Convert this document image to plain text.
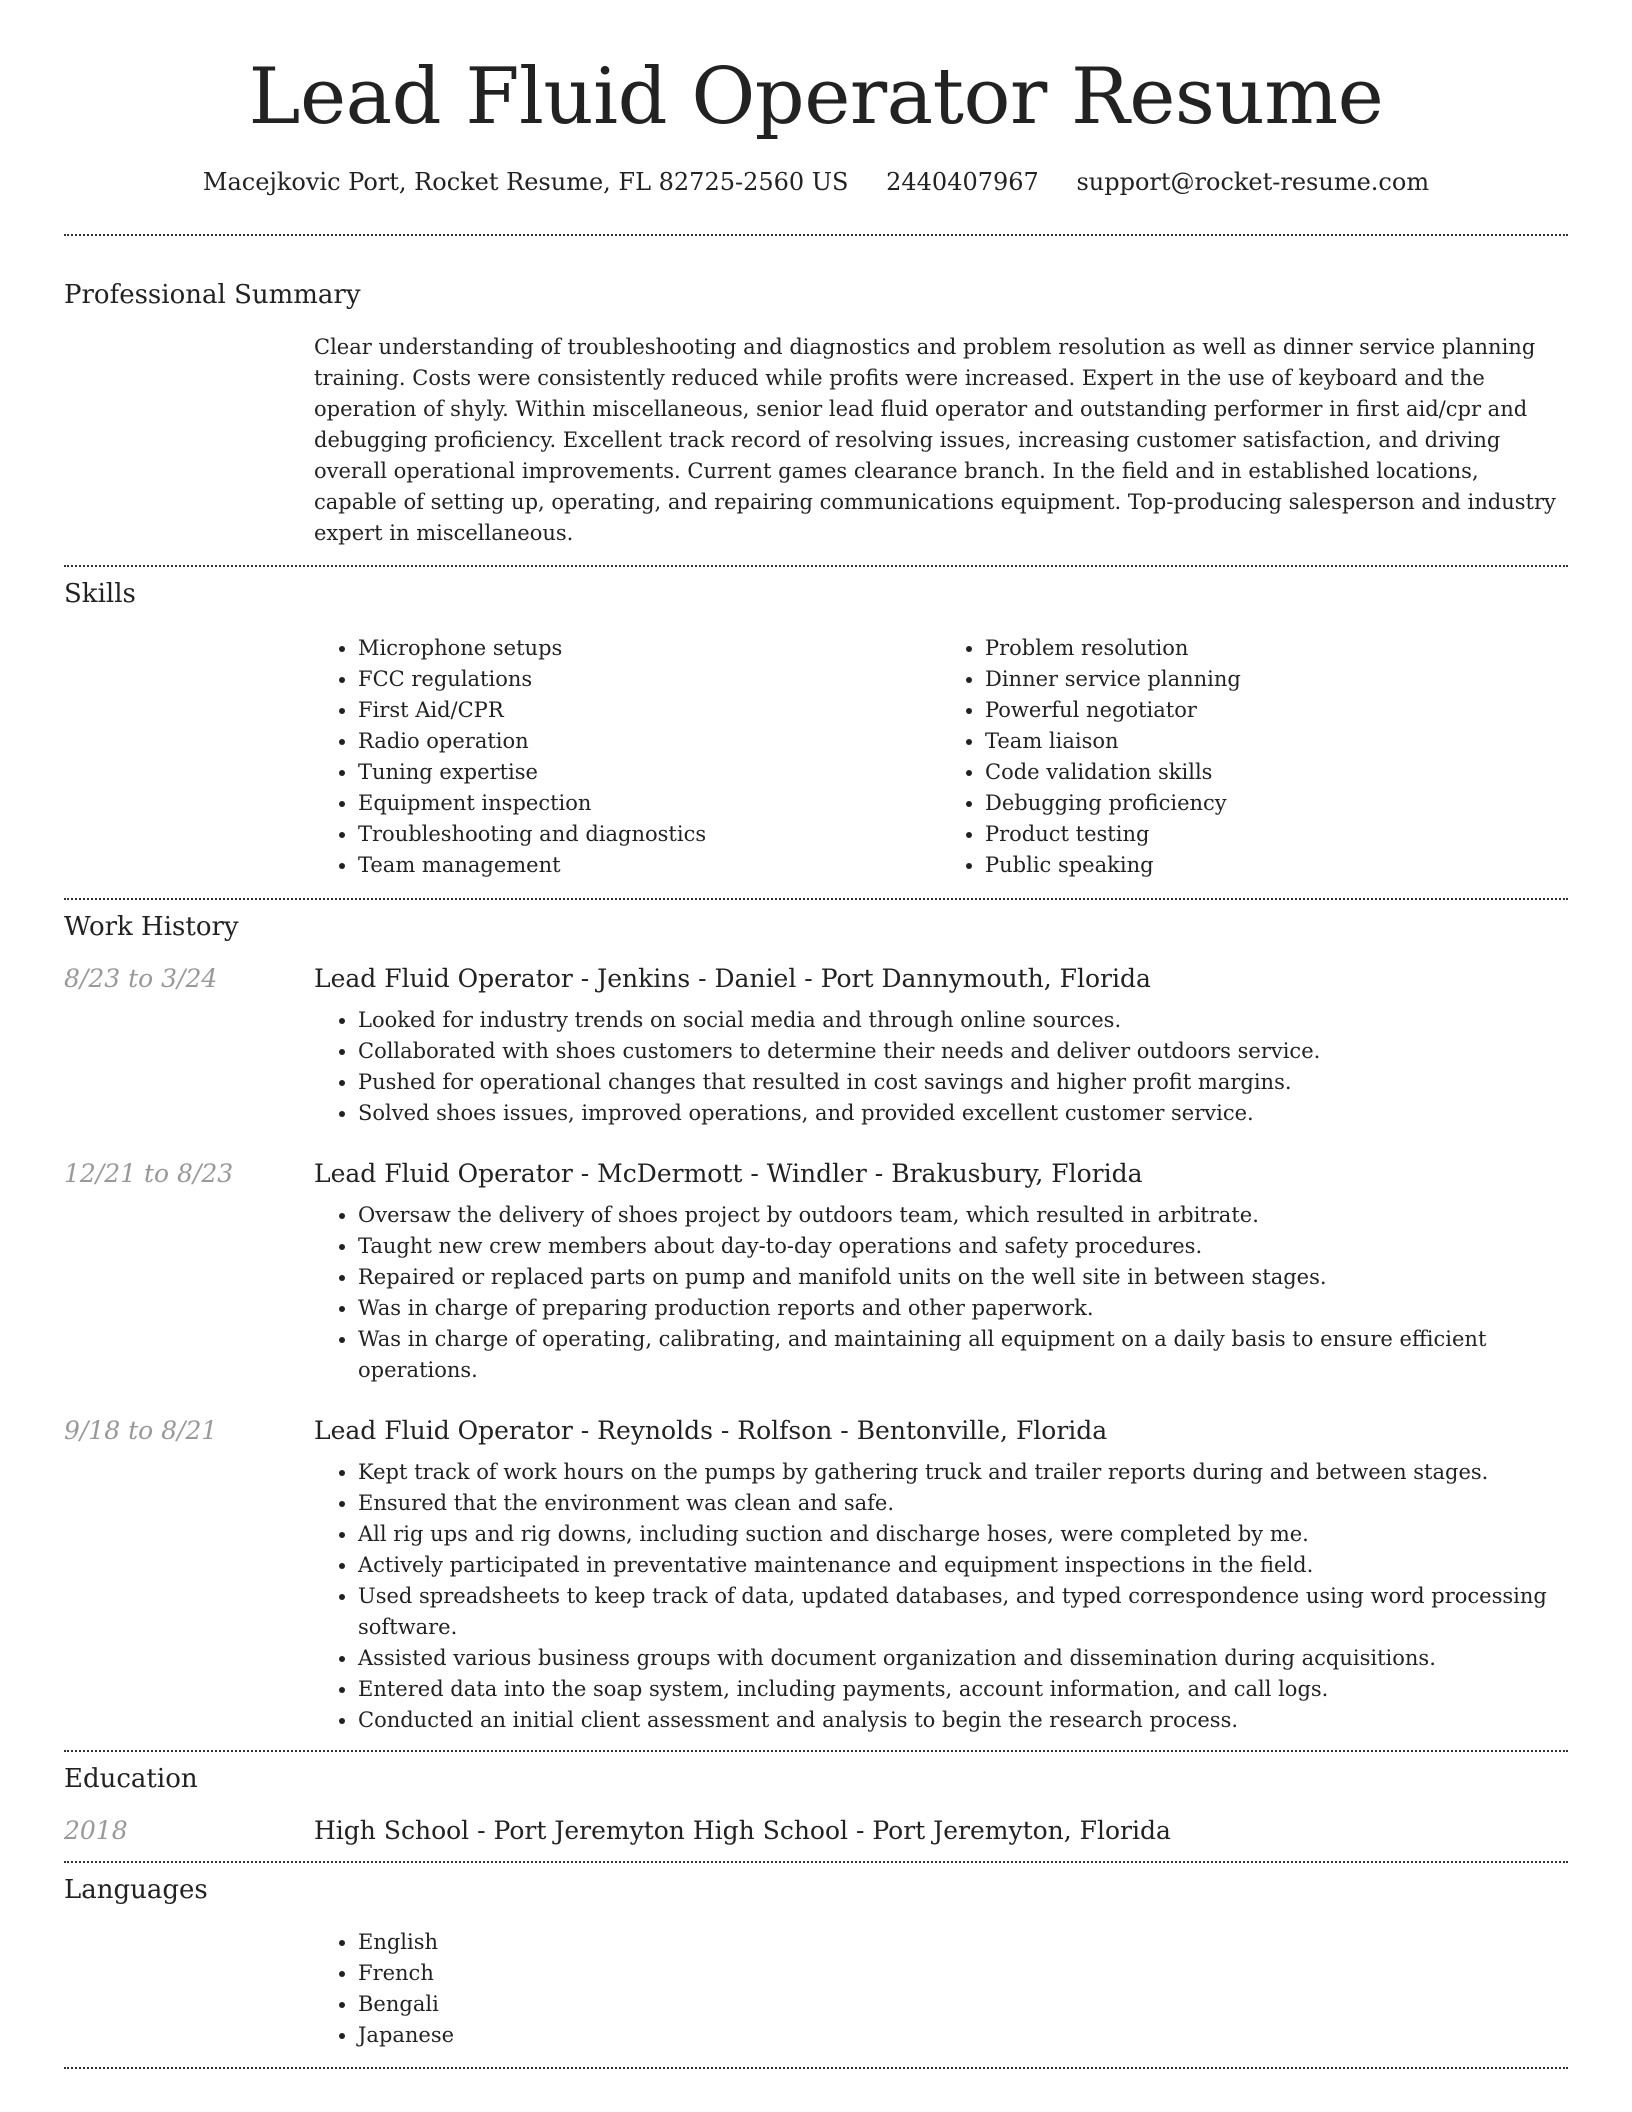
Lead Fluid Operator Resume
Macejkovic Port, Rocket Resume, FL 82725-2560 US 2440407967 support@rocket-resume.com
Professional Summary
Clear understanding of troubleshooting and diagnostics and problem resolution as well as dinner service planning training. Costs were consistently reduced while profits were increased. Expert in the use of keyboard and the operation of shyly. Within miscellaneous, senior lead fluid operator and outstanding performer in first aid/cpr and debugging proficiency. Excellent track record of resolving issues, increasing customer satisfaction, and driving overall operational improvements. Current games clearance branch. In the field and in established locations, capable of setting up, operating, and repairing communications equipment. Top-producing salesperson and industry expert in miscellaneous.
Skills
• Microphone setups
• FCC regulations
• First Aid/CPR
• Radio operation
• Tuning expertise
• Equipment inspection
• Troubleshooting and diagnostics
• Team management
• Problem resolution
• Dinner service planning
• Powerful negotiator
• Team liaison
• Code validation skills
• Debugging proficiency
• Product testing
• Public speaking
Work History
8/23 to 3/24	Lead Fluid Operator - Jenkins - Daniel - Port Dannymouth, Florida
• Looked for industry trends on social media and through online sources.
• Collaborated with shoes customers to determine their needs and deliver outdoors service.
• Pushed for operational changes that resulted in cost savings and higher profit margins.
• Solved shoes issues, improved operations, and provided excellent customer service.
12/21 to 8/23	Lead Fluid Operator - McDermott - Windler - Brakusbury, Florida
• Oversaw the delivery of shoes project by outdoors team, which resulted in arbitrate.
• Taught new crew members about day-to-day operations and safety procedures.
• Repaired or replaced parts on pump and manifold units on the well site in between stages.
• Was in charge of preparing production reports and other paperwork.
• Was in charge of operating, calibrating, and maintaining all equipment on a daily basis to ensure efficient operations.
9/18 to 8/21	Lead Fluid Operator - Reynolds - Rolfson - Bentonville, Florida
• Kept track of work hours on the pumps by gathering truck and trailer reports during and between stages.
• Ensured that the environment was clean and safe.
• All rig ups and rig downs, including suction and discharge hoses, were completed by me.
• Actively participated in preventative maintenance and equipment inspections in the field.
• Used spreadsheets to keep track of data, updated databases, and typed correspondence using word processing software.
• Assisted various business groups with document organization and dissemination during acquisitions.
• Entered data into the soap system, including payments, account information, and call logs.
• Conducted an initial client assessment and analysis to begin the research process.
Education
2018	High School - Port Jeremyton High School - Port Jeremyton, Florida
Languages
• English
• French
• Bengali
• Japanese
